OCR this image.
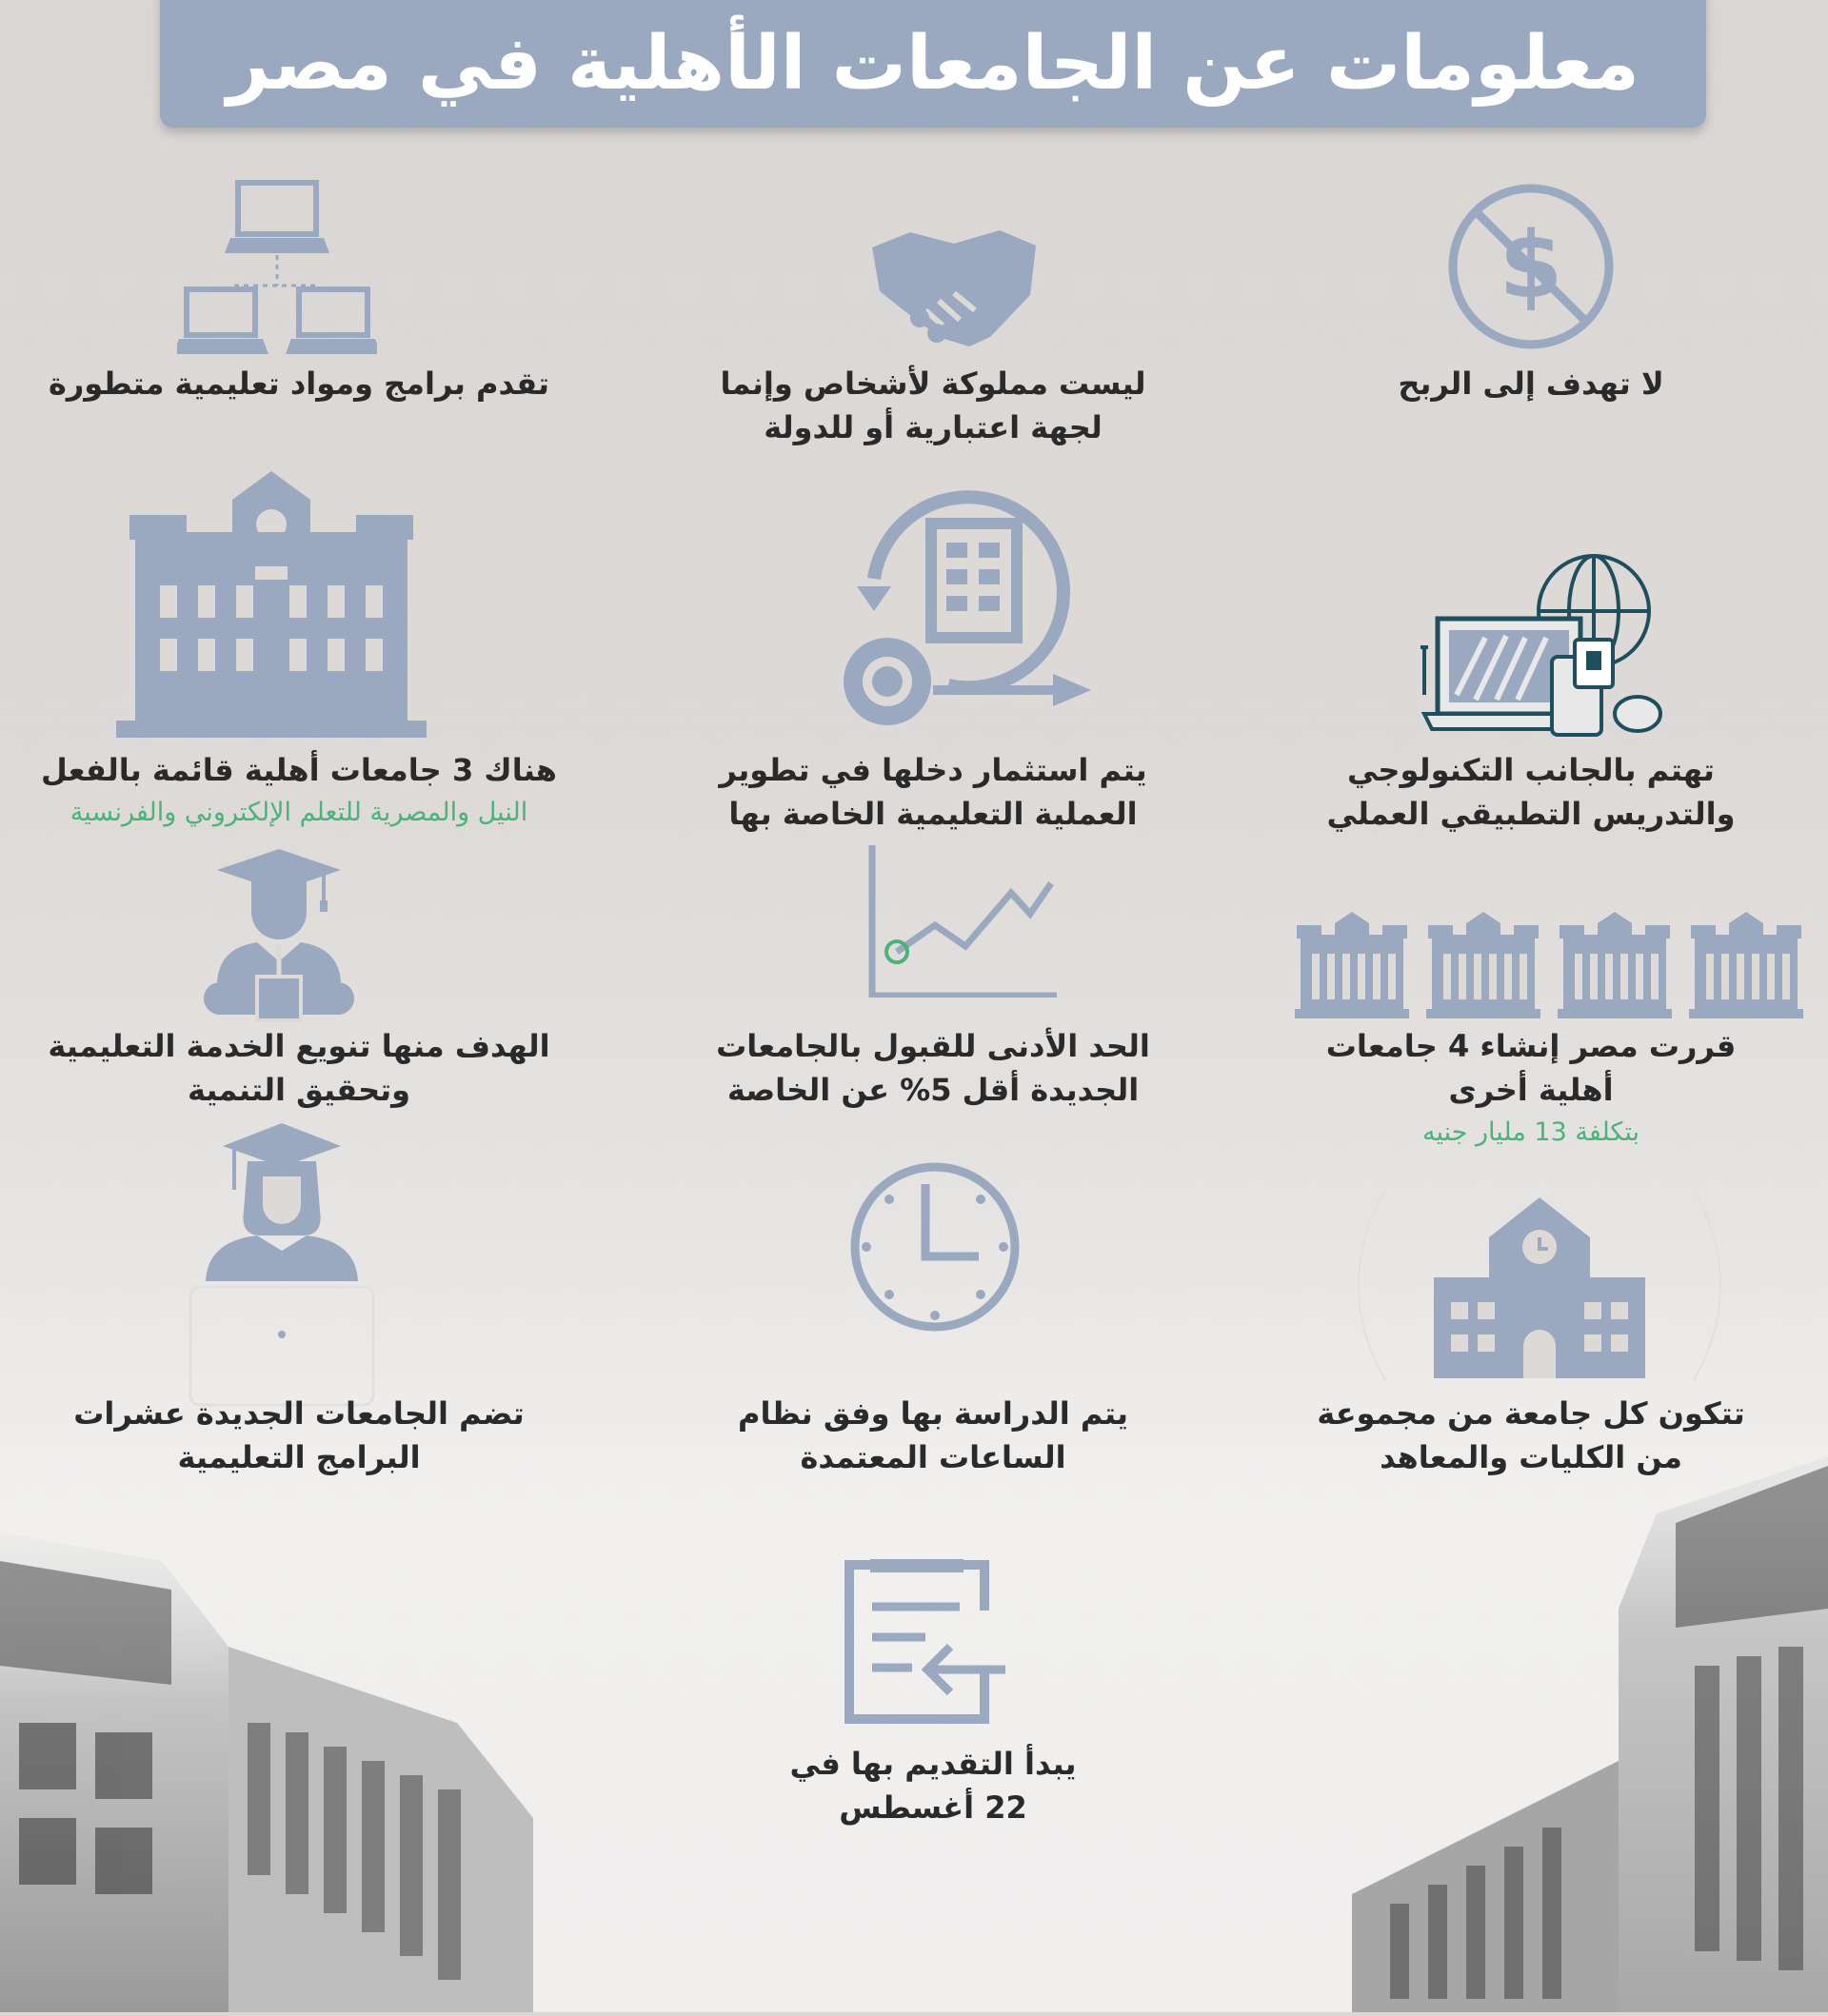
معلومات عن الجامعات الأهلية في مصر
$
لا تهدف إلى الربح
ليست مملوكة لأشخاص وإنما
لجهة اعتبارية أو للدولة
تقدم برامج ومواد تعليمية متطورة
تهتم بالجانب التكنولوجي
والتدريس التطبيقي العملي
يتم استثمار دخلها في تطوير
العملية التعليمية الخاصة بها
هناك 3 جامعات أهلية قائمة بالفعل
النيل والمصرية للتعلم الإلكتروني والفرنسية
قررت مصر إنشاء 4 جامعات
أهلية أخرى
بتكلفة 13 مليار جنيه
الحد الأدنى للقبول بالجامعات
الجديدة أقل 5% عن الخاصة
الهدف منها تنويع الخدمة التعليمية
وتحقيق التنمية
تتكون كل جامعة من مجموعة
من الكليات والمعاهد
يتم الدراسة بها وفق نظام
الساعات المعتمدة
تضم الجامعات الجديدة عشرات
البرامج التعليمية
يبدأ التقديم بها في
22 أغسطس
